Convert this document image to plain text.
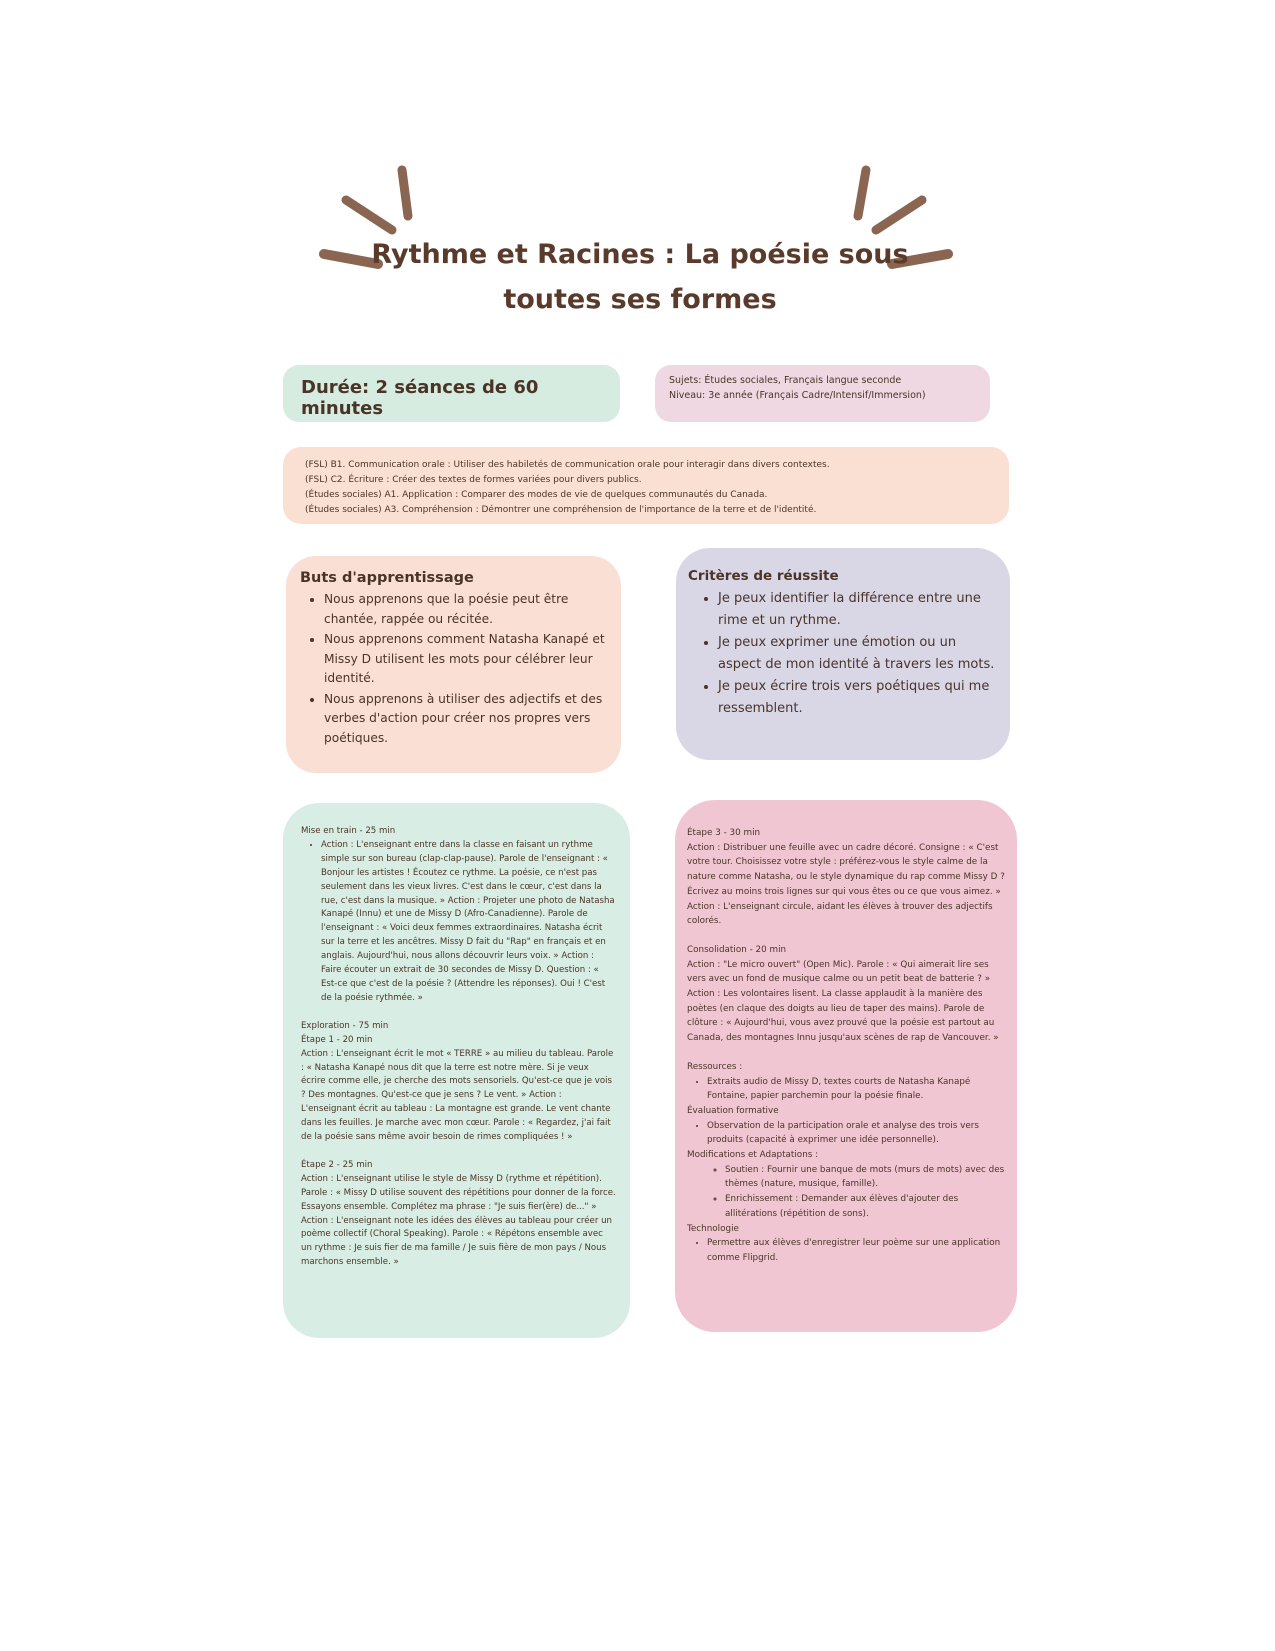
Rythme et Racines : La poésie sous
toutes ses formes
Durée: 2 séances de 60 minutes
Sujets: Études sociales, Français langue seconde
Niveau: 3e année (Français Cadre/Intensif/Immersion)
(FSL) B1. Communication orale : Utiliser des habiletés de communication orale pour interagir dans divers contextes.
(FSL) C2. Écriture : Créer des textes de formes variées pour divers publics.
(Études sociales) A1. Application : Comparer des modes de vie de quelques communautés du Canada.
(Études sociales) A3. Compréhension : Démontrer une compréhension de l'importance de la terre et de l'identité.
Buts d'apprentissage
• Nous apprenons que la poésie peut être chantée, rappée ou récitée.
• Nous apprenons comment Natasha Kanapé et Missy D utilisent les mots pour célébrer leur identité.
• Nous apprenons à utiliser des adjectifs et des verbes d'action pour créer nos propres vers poétiques.
Critères de réussite
• Je peux identifier la différence entre une rime et un rythme.
• Je peux exprimer une émotion ou un aspect de mon identité à travers les mots.
• Je peux écrire trois vers poétiques qui me ressemblent.

Mise en train - 25 min

• Action : L'enseignant entre dans la classe en faisant un rythme simple sur son bureau (clap-clap-pause). Parole de l'enseignant : « Bonjour les artistes ! Écoutez ce rythme. La poésie, ce n'est pas seulement dans les vieux livres. C'est dans le cœur, c'est dans la rue, c'est dans la musique. » Action : Projeter une photo de Natasha Kanapé (Innu) et une de Missy D (Afro-Canadienne). Parole de l'enseignant : « Voici deux femmes extraordinaires. Natasha écrit sur la terre et les ancêtres. Missy D fait du "Rap" en français et en anglais. Aujourd'hui, nous allons découvrir leurs voix. » Action : Faire écouter un extrait de 30 secondes de Missy D. Question : « Est-ce que c'est de la poésie ? (Attendre les réponses). Oui ! C'est de la poésie rythmée. »

Exploration - 75 min

Étape 1 - 20 min

Action : L'enseignant écrit le mot « TERRE » au milieu du tableau. Parole : « Natasha Kanapé nous dit que la terre est notre mère. Si je veux écrire comme elle, je cherche des mots sensoriels. Qu'est-ce que je vois ? Des montagnes. Qu'est-ce que je sens ? Le vent. » Action : L'enseignant écrit au tableau : La montagne est grande. Le vent chante dans les feuilles. Je marche avec mon cœur. Parole : « Regardez, j'ai fait de la poésie sans même avoir besoin de rimes compliquées ! »

Étape 2 - 25 min

Action : L'enseignant utilise le style de Missy D (rythme et répétition). Parole : « Missy D utilise souvent des répétitions pour donner de la force. Essayons ensemble. Complétez ma phrase : "Je suis fier(ère) de..." » Action : L'enseignant note les idées des élèves au tableau pour créer un poème collectif (Choral Speaking). Parole : « Répétons ensemble avec un rythme : Je suis fier de ma famille / Je suis fière de mon pays / Nous marchons ensemble. »

Étape 3 - 30 min

Action : Distribuer une feuille avec un cadre décoré. Consigne : « C'est votre tour. Choisissez votre style : préférez-vous le style calme de la nature comme Natasha, ou le style dynamique du rap comme Missy D ? Écrivez au moins trois lignes sur qui vous êtes ou ce que vous aimez. » Action : L'enseignant circule, aidant les élèves à trouver des adjectifs colorés.

Consolidation - 20 min

Action : "Le micro ouvert" (Open Mic). Parole : « Qui aimerait lire ses vers avec un fond de musique calme ou un petit beat de batterie ? » Action : Les volontaires lisent. La classe applaudit à la manière des poètes (en claque des doigts au lieu de taper des mains). Parole de clôture : « Aujourd'hui, vous avez prouvé que la poésie est partout au Canada, des montagnes Innu jusqu'aux scènes de rap de Vancouver. »

Ressources :

• Extraits audio de Missy D, textes courts de Natasha Kanapé Fontaine, papier parchemin pour la poésie finale.

Évaluation formative

• Observation de la participation orale et analyse des trois vers produits (capacité à exprimer une idée personnelle).

Modifications et Adaptations :

◦ Soutien : Fournir une banque de mots (murs de mots) avec des thèmes (nature, musique, famille).
◦ Enrichissement : Demander aux élèves d'ajouter des allitérations (répétition de sons).

Technologie

• Permettre aux élèves d'enregistrer leur poème sur une application comme Flipgrid.
